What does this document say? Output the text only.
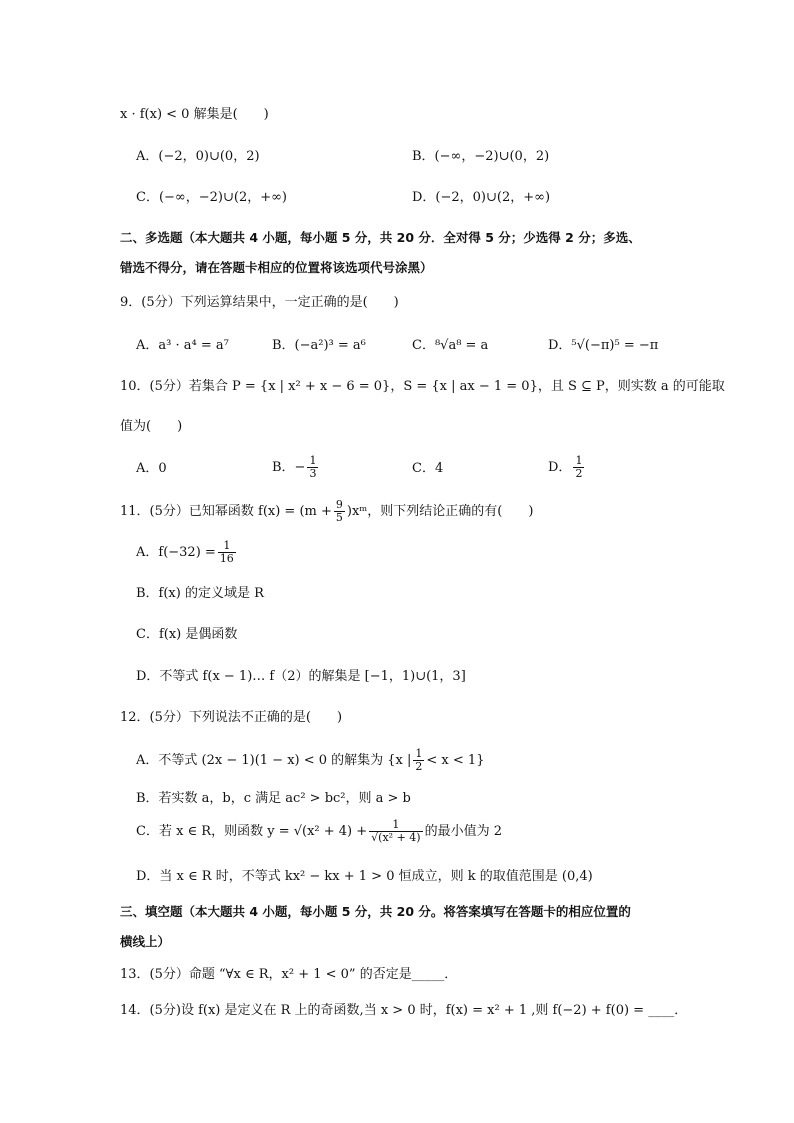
x · f(x) < 0 解集是(　　)
A．(−2，0)∪(0，2)	B．(−∞，−2)∪(0，2)
C．(−∞，−2)∪(2，+∞)	D．(−2，0)∪(2，+∞)
二、多选题（本大题共 4 小题，每小题 5 分，共 20 分．全对得 5 分；少选得 2 分；多选、
错选不得分，请在答题卡相应的位置将该选项代号涂黑）
9．(5分）下列运算结果中，一定正确的是(　　)
A．a³ · a⁴ = a⁷	B．(−a²)³ = a⁶	C．⁸√a⁸ = a	D．⁵√(−π)⁵ = −π
10．(5分）若集合 P = {x | x² + x − 6 = 0}，S = {x | ax − 1 = 0}，且 S ⊆ P，则实数 a 的可能取
值为(　　)
A．0	B．− $\frac{1}{3}$	C．4	D． $\frac{1}{2}$
11．(5分）已知幂函数 $f(x) = (m + \frac{9}{5}$ )xᵐ，则下列结论正确的有(　　)
A．$f(-32) = \frac{1}{16}$
B．f(x) 的定义域是 R
C．f(x) 是偶函数
D．不等式 f(x − 1)… f（2）的解集是 [−1，1)∪(1，3]
12．(5分）下列说法不正确的是(　　)
A．不等式 (2x − 1)(1 − x) < 0 的解集为 {x | $\frac{1}{2} < x < 1$}
B．若实数 a，b，c 满足 ac² > bc²，则 a > b
C．若 x ∈ R，则函数 $y = √(x^2 + 4) + \frac{1}{\text{√(x² + 4)}}$ 的最小值为 2
D．当 x ∈ R 时，不等式 kx² − kx + 1 > 0 恒成立，则 k 的取值范围是 (0,4)
三、填空题（本大题共 4 小题，每小题 5 分，共 20 分。将答案填写在答题卡的相应位置的
横线上）
13．(5分）命题 “∀x ∈ R，x² + 1 < 0” 的否定是_____．
14．(5分)设 f(x) 是定义在 R 上的奇函数,当 x > 0 时，f(x) = x² + 1 ,则 f(−2) + f(0) = ____．
